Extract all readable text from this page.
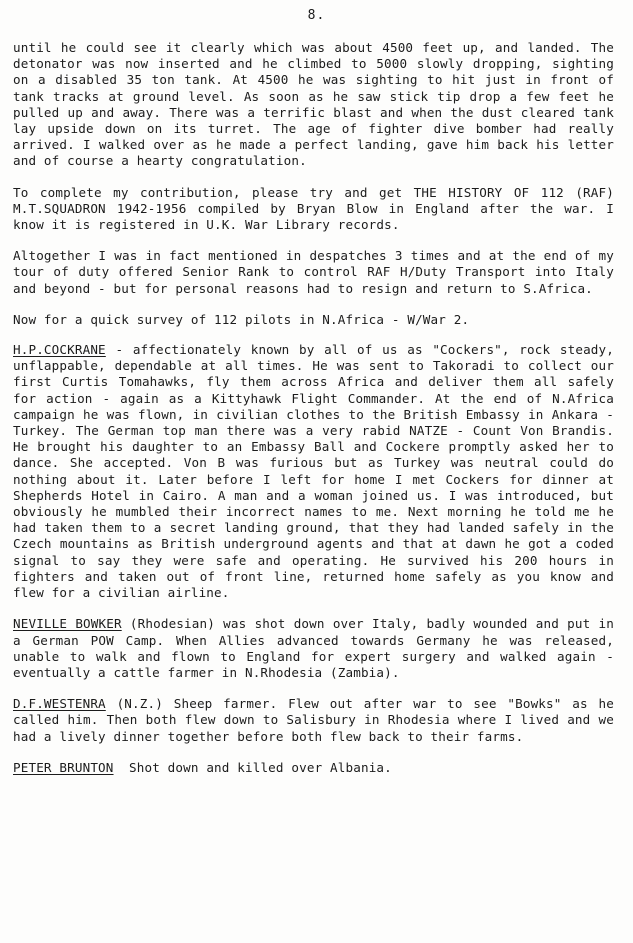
8.

until he could see it clearly which was about 4500 feet up, and landed. The detonator was now inserted and he climbed to 5000 slowly dropping, sighting on a disabled 35 ton tank. At 4500 he was sighting to hit just in front of tank tracks at ground level. As soon as he saw stick tip drop a few feet he pulled up and away. There was a terrific blast and when the dust cleared tank lay upside down on its turret. The age of fighter dive bomber had really arrived. I walked over as he made a perfect landing, gave him back his letter and of course a hearty congratulation.

To complete my contribution, please try and get THE HISTORY OF 112 (RAF) M.T.SQUADRON 1942-1956 compiled by Bryan Blow in England after the war. I know it is registered in U.K. War Library records.

Altogether I was in fact mentioned in despatches 3 times and at the end of my tour of duty offered Senior Rank to control RAF H/Duty Transport into Italy and beyond - but for personal reasons had to resign and return to S.Africa.

Now for a quick survey of 112 pilots in N.Africa - W/War 2.

H.P.COCKRANE - affectionately known by all of us as "Cockers", rock steady, unflappable, dependable at all times. He was sent to Takoradi to collect our first Curtis Tomahawks, fly them across Africa and deliver them all safely for action - again as a Kittyhawk Flight Commander. At the end of N.Africa campaign he was flown, in civilian clothes to the British Embassy in Ankara - Turkey. The German top man there was a very rabid NATZE - Count Von Brandis. He brought his daughter to an Embassy Ball and Cockere promptly asked her to dance. She accepted. Von B was furious but as Turkey was neutral could do nothing about it. Later before I left for home I met Cockers for dinner at Shepherds Hotel in Cairo. A man and a woman joined us. I was introduced, but obviously he mumbled their incorrect names to me. Next morning he told me he had taken them to a secret landing ground, that they had landed safely in the Czech mountains as British underground agents and that at dawn he got a coded signal to say they were safe and operating. He survived his 200 hours in fighters and taken out of front line, returned home safely as you know and flew for a civilian airline.

NEVILLE BOWKER (Rhodesian) was shot down over Italy, badly wounded and put in a German POW Camp. When Allies advanced towards Germany he was released, unable to walk and flown to England for expert surgery and walked again - eventually a cattle farmer in N.Rhodesia (Zambia).

D.F.WESTENRA (N.Z.) Sheep farmer. Flew out after war to see "Bowks" as he called him. Then both flew down to Salisbury in Rhodesia where I lived and we had a lively dinner together before both flew back to their farms.

PETER BRUNTON  Shot down and killed over Albania.
